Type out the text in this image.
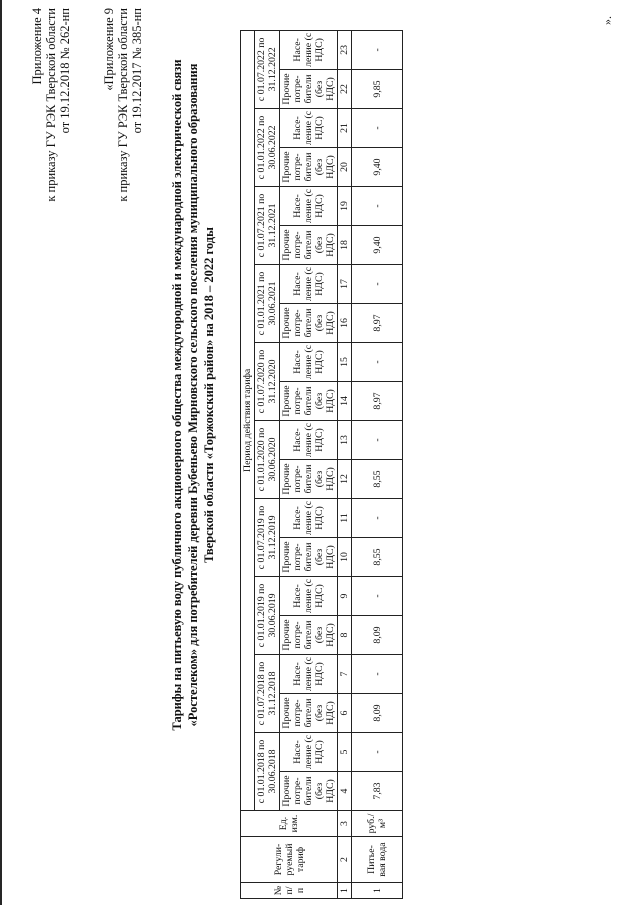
Приложение 4 к приказу ГУ РЭК Тверской области от 19.12.2018 № 262-нп «Приложение 9 к приказу ГУ РЭК Тверской области от 19.12.2017 № 385-нп Тарифы на питьевую воду публичного акционерного общества междугородной и международной электрической связи «Ростелеком» для потребителей деревни Бубеньево Мирновского сельского поселения муниципального образования Тверской области «Торжокский район» на 2018 – 2022 годы
№ п/п	Регули- руемый тариф	Ед. изм.	Период действия тарифа																			
			с 01.01.2018 по 30.06.2018		с 01.07.2018 по 31.12.2018		с 01.01.2019 по 30.06.2019		с 01.07.2019 по 31.12.2019		с 01.01.2020 по 30.06.2020		с 01.07.2020 по 31.12.2020		с 01.01.2021 по 30.06.2021		с 01.07.2021 по 31.12.2021		с 01.01.2022 по 30.06.2022		с 01.07.2022 по 31.12.2022	
			Прочие потре- бители (без НДС)	Насе- ление (с НДС)	Прочие потре- бители (без НДС)	Насе- ление (с НДС)	Прочие потре- бители (без НДС)	Насе- ление (с НДС)	Прочие потре- бители (без НДС)	Насе- ление (с НДС)	Прочие потре- бители (без НДС)	Насе- ление (с НДС)	Прочие потре- бители (без НДС)	Насе- ление (с НДС)	Прочие потре- бители (без НДС)	Насе- ление (с НДС)	Прочие потре- бители (без НДС)	Насе- ление (с НДС)	Прочие потре- бители (без НДС)	Насе- ление (с НДС)	Прочие потре- бители (без НДС)	Насе- ление (с НДС)
1	2	3	4	5	6	7	8	9	10	11	12	13	14	15	16	17	18	19	20	21	22	23
1	Питье- вая вода	руб./м³	7,83	-	8,09	-	8,09	-	8,55	-	8,55	-	8,97	-	8,97	-	9,40	-	9,40	-	9,85	-
».
